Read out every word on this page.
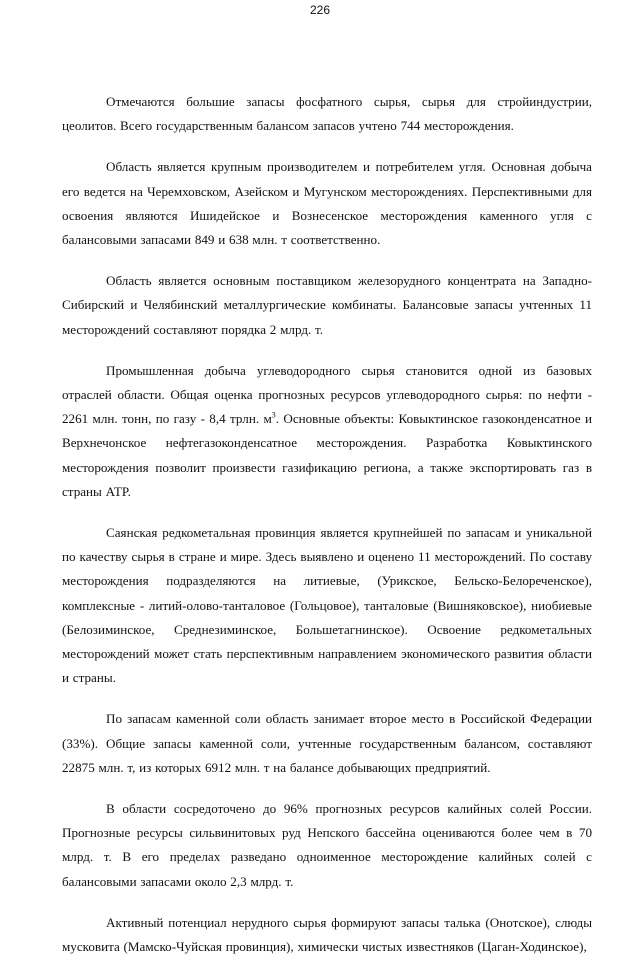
226

Отмечаются большие запасы фосфатного сырья, сырья для стройиндустрии, цеолитов. Всего государственным балансом запасов учтено 744 месторождения.

Область является крупным производителем и потребителем угля. Основная добыча его ведется на Черемховском, Азейском и Мугунском месторождениях. Перспективными для освоения являются Ишидейское и Вознесенское месторождения каменного угля с балансовыми запасами 849 и 638 млн. т соответственно.

Область является основным поставщиком железорудного концентрата на Западно-Сибирский и Челябинский металлургические комбинаты. Балансовые запасы учтенных 11 месторождений составляют порядка 2 млрд. т.

Промышленная добыча углеводородного сырья становится одной из базовых отраслей области. Общая оценка прогнозных ресурсов углеводородного сырья: по нефти - 2261 млн. тонн, по газу - 8,4 трлн. $м^3$. Основные объекты: Ковыктинское газоконденсатное и Верхнечонское нефтегазоконденсатное месторождения. Разработка Ковыктинского месторождения позволит произвести газификацию региона, а также экспортировать газ в страны АТР.

Саянская редкометальная провинция является крупнейшей по запасам и уникальной по качеству сырья в стране и мире. Здесь выявлено и оценено 11 месторождений. По составу месторождения подразделяются на литиевые, (Урикское, Бельско-Белореченское), комплексные - литий-олово-танталовое (Гольцовое), танталовые (Вишняковское), ниобиевые (Белозиминское, Среднезиминское, Большетагнинское). Освоение редкометальных месторождений может стать перспективным направлением экономического развития области и страны.

По запасам каменной соли область занимает второе место в Российской Федерации (33%). Общие запасы каменной соли, учтенные государственным балансом, составляют 22875 млн. т, из которых 6912 млн. т на балансе добывающих предприятий.

В области сосредоточено до 96% прогнозных ресурсов калийных солей России. Прогнозные ресурсы сильвинитовых руд Непского бассейна оцениваются более чем в 70 млрд. т. В его пределах разведано одноименное месторождение калийных солей с балансовыми запасами около 2,3 млрд. т.

Активный потенциал нерудного сырья формируют запасы талька (Онотское), слюды мусковита (Мамско-Чуйская провинция), химически чистых известняков (Цаган-Ходинское),
